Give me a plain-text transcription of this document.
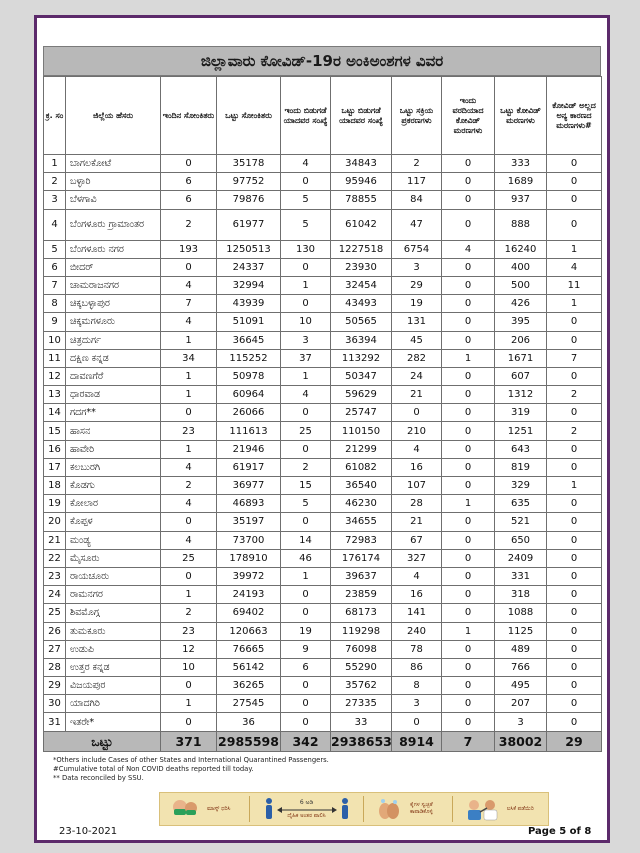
ಜಿಲ್ಲಾವಾರು ಕೋವಿಡ್-19ರ ಅಂಕಿಅಂಶಗಳ ವಿವರ
ಕ್ರ. ಸಂ	ಜಿಲ್ಲೆಯ ಹೆಸರು	ಇಂದಿನ ಸೋಂಕಿತರು	ಒಟ್ಟು ಸೋಂಕಿತರು	ಇಂದು ಬಿಡುಗಡೆ ಯಾದವರ ಸಂಖ್ಯೆ	ಒಟ್ಟು ಬಿಡುಗಡೆ ಯಾದವರ ಸಂಖ್ಯೆ	ಒಟ್ಟು ಸಕ್ರಿಯ ಪ್ರಕರಣಗಳು	ಇಂದು ವರದಿಯಾದ ಕೋವಿಡ್ ಮರಣಗಳು	ಒಟ್ಟು ಕೋವಿಡ್ ಮರಣಗಳು	ಕೋವಿಡ್ ಅಲ್ಲದ ಅನ್ಯ ಕಾರಣದ ಮರಣಗಳು#
1	ಬಾಗಲಕೋಟೆ	0	35178	4	34843	2	0	333	0
2	ಬಳ್ಳಾರಿ	6	97752	0	95946	117	0	1689	0
3	ಬೆಳಗಾವಿ	6	79876	5	78855	84	0	937	0
4	ಬೆಂಗಳೂರು ಗ್ರಾಮಾಂತರ	2	61977	5	61042	47	0	888	0
5	ಬೆಂಗಳೂರು ನಗರ	193	1250513	130	1227518	6754	4	16240	1
6	ಬೀದರ್	0	24337	0	23930	3	0	400	4
7	ಚಾಮರಾಜನಗರ	4	32994	1	32454	29	0	500	11
8	ಚಿಕ್ಕಬಳ್ಳಾಪುರ	7	43939	0	43493	19	0	426	1
9	ಚಿಕ್ಕಮಗಳೂರು	4	51091	10	50565	131	0	395	0
10	ಚಿತ್ರದುರ್ಗ	1	36645	3	36394	45	0	206	0
11	ದಕ್ಷಿಣ ಕನ್ನಡ	34	115252	37	113292	282	1	1671	7
12	ದಾವಣಗೆರೆ	1	50978	1	50347	24	0	607	0
13	ಧಾರವಾಡ	1	60964	4	59629	21	0	1312	2
14	ಗದಗ**	0	26066	0	25747	0	0	319	0
15	ಹಾಸನ	23	111613	25	110150	210	0	1251	2
16	ಹಾವೇರಿ	1	21946	0	21299	4	0	643	0
17	ಕಲಬುರಗಿ	4	61917	2	61082	16	0	819	0
18	ಕೊಡಗು	2	36977	15	36540	107	0	329	1
19	ಕೋಲಾರ	4	46893	5	46230	28	1	635	0
20	ಕೊಪ್ಪಳ	0	35197	0	34655	21	0	521	0
21	ಮಂಡ್ಯ	4	73700	14	72983	67	0	650	0
22	ಮೈಸೂರು	25	178910	46	176174	327	0	2409	0
23	ರಾಯಚೂರು	0	39972	1	39637	4	0	331	0
24	ರಾಮನಗರ	1	24193	0	23859	16	0	318	0
25	ಶಿವಮೊಗ್ಗ	2	69402	0	68173	141	0	1088	0
26	ತುಮಕೂರು	23	120663	19	119298	240	1	1125	0
27	ಉಡುಪಿ	12	76665	9	76098	78	0	489	0
28	ಉತ್ತರ ಕನ್ನಡ	10	56142	6	55290	86	0	766	0
29	ವಿಜಯಪುರ	0	36265	0	35762	8	0	495	0
30	ಯಾದಗಿರಿ	1	27545	0	27335	3	0	207	0
31	ಇತರೇ*	0	36	0	33	0	0	3	0
ಒಟ್ಟು		371	2985598	342	2938653	8914	7	38002	29
*Others include Cases of other States and International Quarantined Passengers.
#Cumulative total of Non COVID deaths reported till today.
** Data reconciled by SSU.
ಮಾಸ್ಕ್ ಧರಿಸಿ
6 ಅಡಿ
ದೈಹಿಕ ಅಂತರ ಪಾಲಿಸಿ
ಕೈಗಳ ಸ್ವಚ್ಛತೆ ಕಾಪಾಡಿಕೊಳ್ಳಿ
ಲಸಿಕೆ ಪಡೆಯಿರಿ
23-10-2021	Page 5 of 8
